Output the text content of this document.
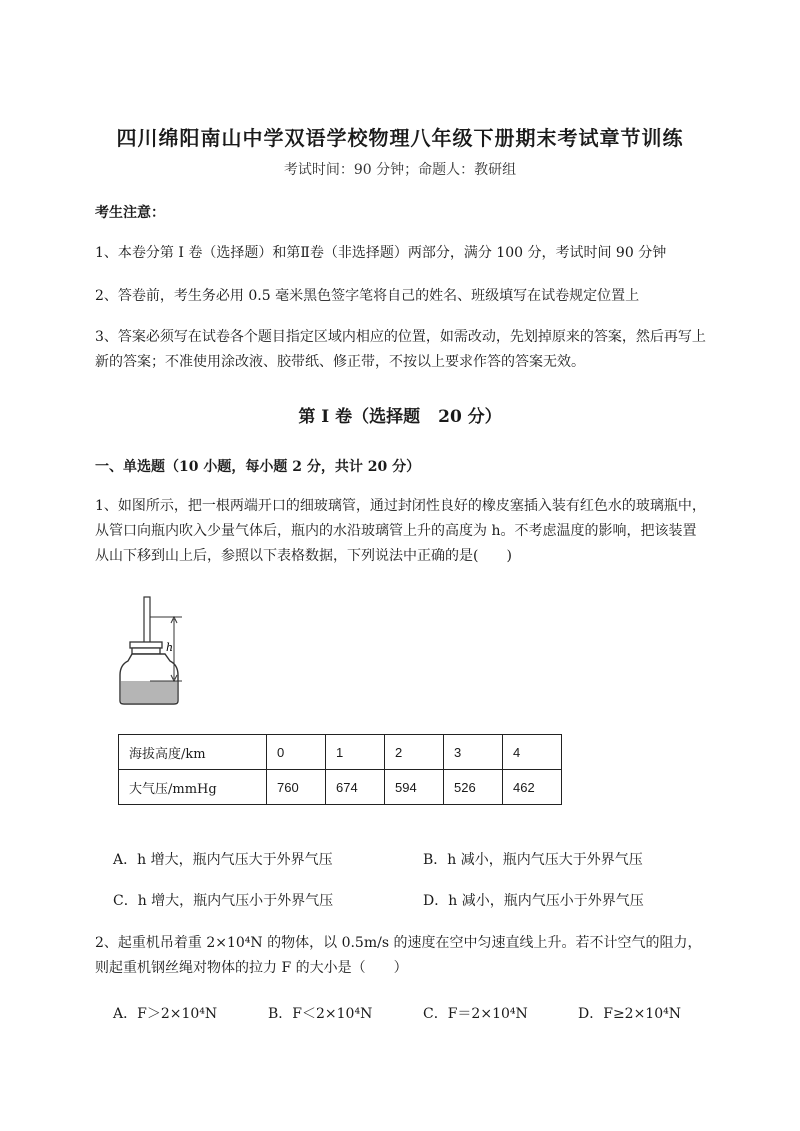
四川绵阳南山中学双语学校物理八年级下册期末考试章节训练
考试时间：90 分钟；命题人：教研组
考生注意：
1、本卷分第 I 卷（选择题）和第Ⅱ卷（非选择题）两部分，满分 100 分，考试时间 90 分钟
2、答卷前，考生务必用 0.5 毫米黑色签字笔将自己的姓名、班级填写在试卷规定位置上
3、答案必须写在试卷各个题目指定区域内相应的位置，如需改动，先划掉原来的答案，然后再写上新的答案；不准使用涂改液、胶带纸、修正带，不按以上要求作答的答案无效。
第 I 卷（选择题 20 分）
一、单选题（10 小题，每小题 2 分，共计 20 分）
1、如图所示，把一根两端开口的细玻璃管，通过封闭性良好的橡皮塞插入装有红色水的玻璃瓶中，从管口向瓶内吹入少量气体后，瓶内的水沿玻璃管上升的高度为 h。不考虑温度的影响，把该装置从山下移到山上后，参照以下表格数据，下列说法中正确的是(　　)
h
海拔高度/km	0	1	2	3	4
大气压/mmHg	760	674	594	526	462
A．h 增大，瓶内气压大于外界气压	B．h 减小，瓶内气压大于外界气压
C．h 增大，瓶内气压小于外界气压	D．h 减小，瓶内气压小于外界气压
2、起重机吊着重 2×10⁴N 的物体，以 0.5m/s 的速度在空中匀速直线上升。若不计空气的阻力，则起重机钢丝绳对物体的拉力 F 的大小是（　　）
A．F＞2×10⁴N	B．F＜2×10⁴N	C．F＝2×10⁴N	D．F≥2×10⁴N
